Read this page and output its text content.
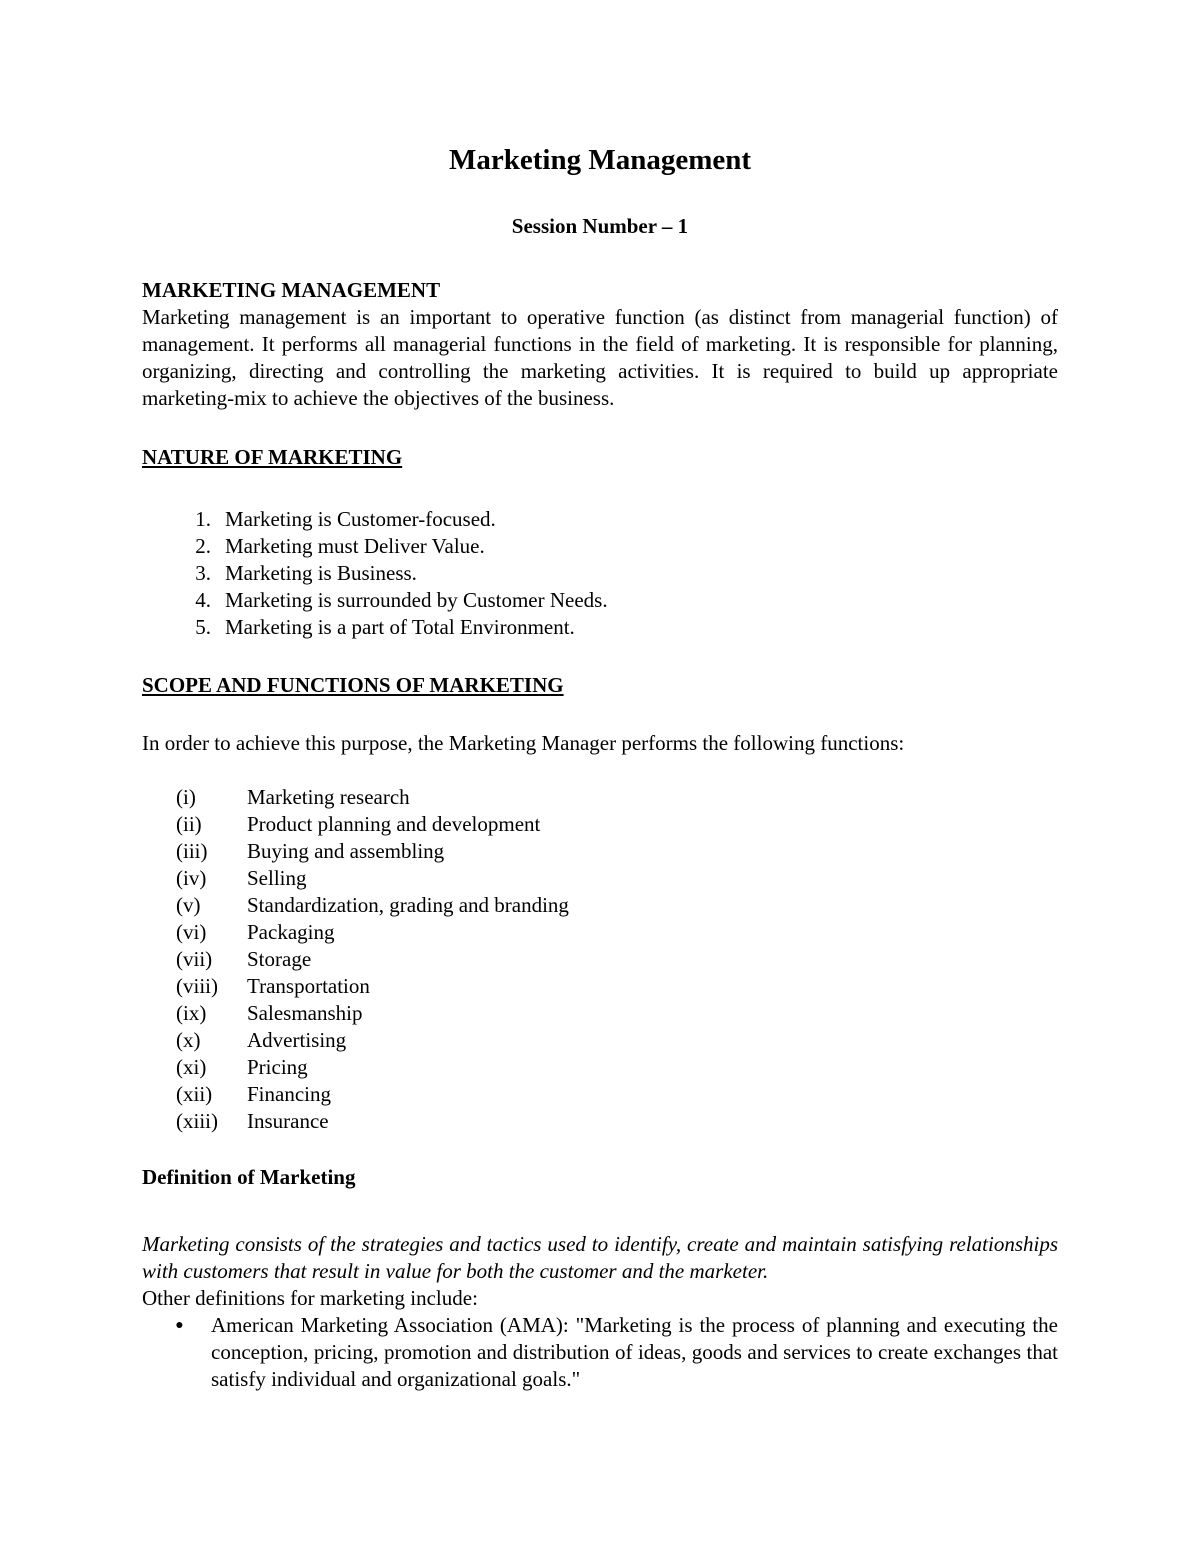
Marketing Management

Session Number – 1

MARKETING MANAGEMENT

Marketing management is an important to operative function (as distinct from managerial function) of management. It performs all managerial functions in the field of marketing. It is responsible for planning, organizing, directing and controlling the marketing activities. It is required to build up appropriate marketing-mix to achieve the objectives of the business.

NATURE OF MARKETING
1. Marketing is Customer-focused.
2. Marketing must Deliver Value.
3. Marketing is Business.
4. Marketing is surrounded by Customer Needs.
5. Marketing is a part of Total Environment.
SCOPE AND FUNCTIONS OF MARKETING

In order to achieve this purpose, the Marketing Manager performs the following functions:

(i)	Marketing research
(ii)	Product planning and development
(iii)	Buying and assembling
(iv)	Selling
(v)	Standardization, grading and branding
(vi)	Packaging
(vii)	Storage
(viii)	Transportation
(ix)	Salesmanship
(x)	Advertising
(xi)	Pricing
(xii)	Financing
(xiii)	Insurance
Definition of Marketing

Marketing consists of the strategies and tactics used to identify, create and maintain satisfying relationships with customers that result in value for both the customer and the marketer.

Other definitions for marketing include:

●	American Marketing Association (AMA): "Marketing is the process of planning and executing the conception, pricing, promotion and distribution of ideas, goods and services to create exchanges that satisfy individual and organizational goals."
